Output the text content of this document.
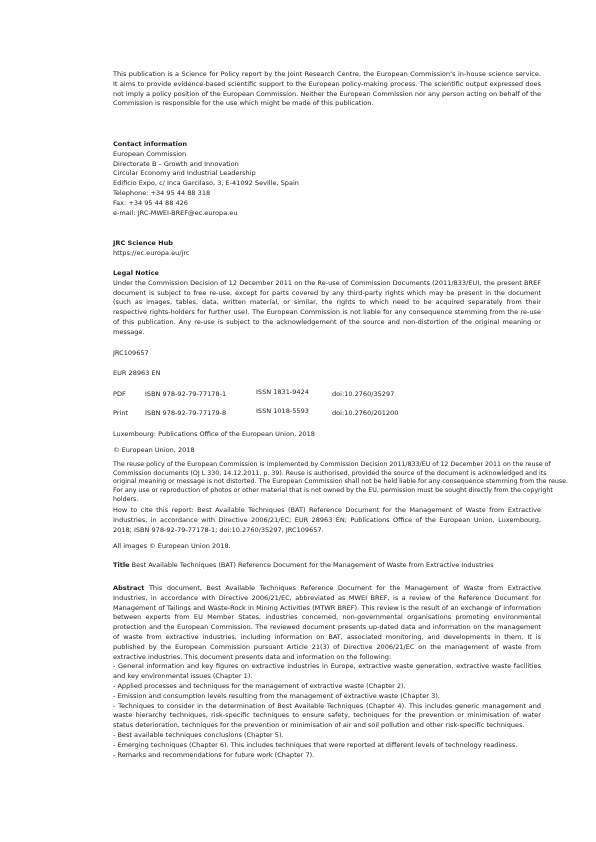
This publication is a Science for Policy report by the Joint Research Centre, the European Commission’s in-house science service. It aims to provide evidence-based scientific support to the European policy-making process. The scientific output expressed does not imply a policy position of the European Commission. Neither the European Commission nor any person acting on behalf of the Commission is responsible for the use which might be made of this publication.

Contact information
European Commission
Directorate B – Growth and Innovation
Circular Economy and Industrial Leadership
Edificio Expo, c/ Inca Garcilaso, 3, E-41092 Seville, Spain
Telephone: +34 95 44 88 318
Fax: +34 95 44 88 426
e-mail: JRC-MWEI-BREF@ec.europa.eu
JRC Science Hub
https://ec.europa.eu/jrc
Legal Notice

Under the Commission Decision of 12 December 2011 on the Re-use of Commission Documents (2011/833/EU), the present BREF document is subject to free re-use, except for parts covered by any third-party rights which may be present in the document (such as images, tables, data, written material, or similar, the rights to which need to be acquired separately from their respective rights-holders for further use). The European Commission is not liable for any consequence stemming from the re-use of this publication. Any re-use is subject to the acknowledgement of the source and non-distortion of the original meaning or message.

JRC109657

EUR 28963 EN

PDF	ISBN 978-92-79-77178-1	ISSN 1831-9424	doi:10.2760/35297
Print	ISBN 978-92-79-77179-8	ISSN 1018-5593	doi:10.2760/201200

Luxembourg: Publications Office of the European Union, 2018

© European Union, 2018

The reuse policy of the European Commission is implemented by Commission Decision 2011/833/EU of 12 December 2011 on the reuse of Commission documents (OJ L 330, 14.12.2011, p. 39). Reuse is authorised, provided the source of the document is acknowledged and its original meaning or message is not distorted. The European Commission shall not be held liable for any consequence stemming from the reuse. For any use or reproduction of photos or other material that is not owned by the EU, permission must be sought directly from the copyright holders.

How to cite this report: Best Available Techniques (BAT) Reference Document for the Management of Waste from Extractive Industries, in accordance with Directive 2006/21/EC; EUR 28963 EN; Publications Office of the European Union, Luxembourg, 2018; ISBN 978-92-79-77178-1; doi:10.2760/35297, JRC109657.

All images © European Union 2018.

Title Best Available Techniques (BAT) Reference Document for the Management of Waste from Extractive Industries

Abstract This document, Best Available Techniques Reference Document for the Management of Waste from Extractive Industries, in accordance with Directive 2006/21/EC, abbreviated as MWEI BREF, is a review of the Reference Document for Management of Tailings and Waste-Rock in Mining Activities (MTWR BREF). This review is the result of an exchange of information between experts from EU Member States, industries concerned, non-governmental organisations promoting environmental protection and the European Commission. The reviewed document presents up-dated data and information on the management of waste from extractive industries, including information on BAT, associated monitoring, and developments in them. It is published by the European Commission pursuant Article 21(3) of Directive 2006/21/EC on the management of waste from extractive industries. This document presents data and information on the following:

- General information and key figures on extractive industries in Europe, extractive waste generation, extractive waste facilities and key environmental issues (Chapter 1).

- Applied processes and techniques for the management of extractive waste (Chapter 2).

- Emission and consumption levels resulting from the management of extractive waste (Chapter 3).

- Techniques to consider in the determination of Best Available Techniques (Chapter 4). This includes generic management and waste hierarchy techniques, risk-specific techniques to ensure safety, techniques for the prevention or minimisation of water status deterioration, techniques for the prevention or minimisation of air and soil pollution and other risk-specific techniques.

- Best available techniques conclusions (Chapter 5).

- Emerging techniques (Chapter 6). This includes techniques that were reported at different levels of technology readiness.

- Remarks and recommendations for future work (Chapter 7).
